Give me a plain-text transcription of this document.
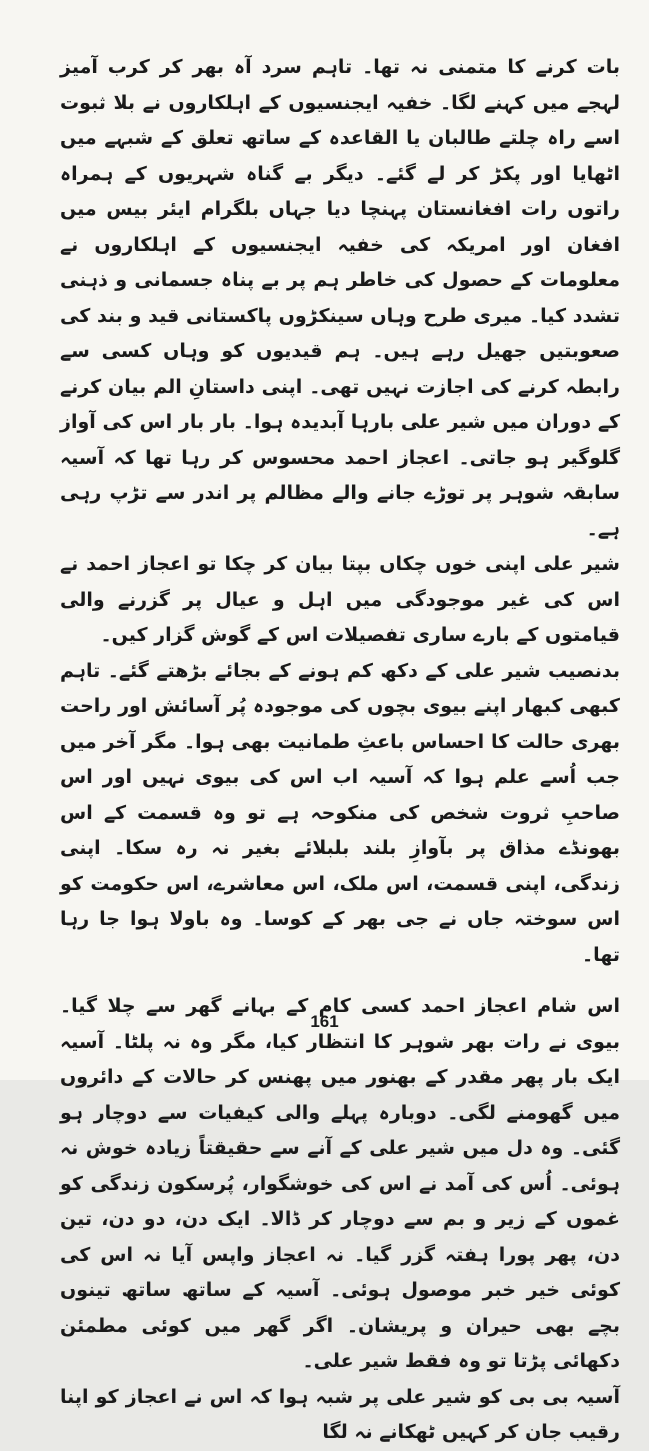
بات کرنے کا متمنی نہ تھا۔ تاہم سرد آہ بھر کر کرب آمیز لہجے میں کہنے لگا۔ خفیہ ایجنسیوں کے اہلکاروں نے بلا ثبوت اسے راہ چلتے طالبان یا القاعدہ کے ساتھ تعلق کے شبہے میں اٹھایا اور پکڑ کر لے گئے۔ دیگر بے گناہ شہریوں کے ہمراہ راتوں رات افغانستان پہنچا دیا جہاں بلگرام ایئر بیس میں افغان اور امریکہ کی خفیہ ایجنسیوں کے اہلکاروں نے معلومات کے حصول کی خاطر ہم پر بے پناہ جسمانی و ذہنی تشدد کیا۔ میری طرح وہاں سینکڑوں پاکستانی قید و بند کی صعوبتیں جھیل رہے ہیں۔ ہم قیدیوں کو وہاں کسی سے رابطہ کرنے کی اجازت نہیں تھی۔ اپنی داستانِ الم بیان کرنے کے دوران میں شیر علی بارہا آبدیدہ ہوا۔ بار بار اس کی آواز گلوگیر ہو جاتی۔ اعجاز احمد محسوس کر رہا تھا کہ آسیہ سابقہ شوہر پر توڑے جانے والے مظالم پر اندر سے تڑپ رہی ہے۔

شیر علی اپنی خوں چکاں بپتا بیان کر چکا تو اعجاز احمد نے اس کی غیر موجودگی میں اہل و عیال پر گزرنے والی قیامتوں کے بارے ساری تفصیلات اس کے گوش گزار کیں۔

بدنصیب شیر علی کے دکھ کم ہونے کے بجائے بڑھتے گئے۔ تاہم کبھی کبھار اپنے بیوی بچوں کی موجودہ پُر آسائش اور راحت بھری حالت کا احساس باعثِ طمانیت بھی ہوا۔ مگر آخر میں جب اُسے علم ہوا کہ آسیہ اب اس کی بیوی نہیں اور اس صاحبِ ثروت شخص کی منکوحہ ہے تو وہ قسمت کے اس بھونڈے مذاق پر بآوازِ بلند بلبلائے بغیر نہ رہ سکا۔ اپنی زندگی، اپنی قسمت، اس ملک، اس معاشرے، اس حکومت کو اس سوختہ جاں نے جی بھر کے کوسا۔ وہ باولا ہوا جا رہا تھا۔

اس شام اعجاز احمد کسی کام کے بہانے گھر سے چلا گیا۔ بیوی نے رات بھر شوہر کا انتظار کیا، مگر وہ نہ پلٹا۔ آسیہ ایک بار پھر مقدر کے بھنور میں پھنس کر حالات کے دائروں میں گھومنے لگی۔ دوبارہ پہلے والی کیفیات سے دوچار ہو گئی۔ وہ دل میں شیر علی کے آنے سے حقیقتاً زیادہ خوش نہ ہوئی۔ اُس کی آمد نے اس کی خوشگوار، پُرسکون زندگی کو غموں کے زیر و بم سے دوچار کر ڈالا۔ ایک دن، دو دن، تین دن، پھر پورا ہفتہ گزر گیا۔ نہ اعجاز واپس آیا نہ اس کی کوئی خیر خبر موصول ہوئی۔ آسیہ کے ساتھ ساتھ تینوں بچے بھی حیران و پریشان۔ اگر گھر میں کوئی مطمئن دکھائی پڑتا تو وہ فقط شیر علی۔

آسیہ بی بی کو شیر علی پر شبہ ہوا کہ اس نے اعجاز کو اپنا رقیب جان کر کہیں ٹھکانے نہ لگا

161
